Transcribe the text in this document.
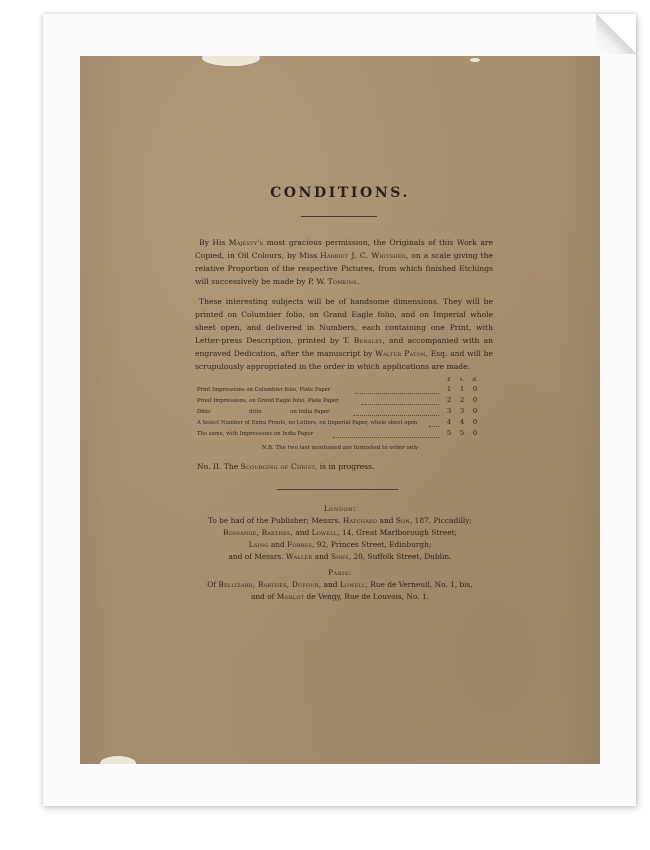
CONDITIONS.

By His Majesty's most gracious permission, the Originals of this Work are Copied, in Oil Colours, by Miss Harriet J. C. Whitshed, on a scale giving the relative Proportion of the respective Pictures, from which finished Etchings will successively be made by P. W. Tomkins.

These interesting subjects will be of handsome dimensions. They will be printed on Columbier folio, on Grand Eagle folio, and on Imperial whole sheet open, and delivered in Numbers, each containing one Print, with Letter-press Description, printed by T. Bensley, and accompanied with an engraved Dedication, after the manuscript by Walter Paton, Esq. and will be scrupulously appropriated in the order in which applications are made.

£	s.	d.
Print Impressions on Columbier folio, Plate Paper	1	1	0
Proof Impressions, on Grand Eagle folio, Plate Paper	2	2	0
Ditto                       ditto                 on India Paper	3	3	0
A Select Number of Extra Proofs, no Letters, on Imperial Paper, whole sheet open	4	4	0
The same, with Impressions on India Paper	5	5	0
N.B. The two last mentioned are furnished to order only
No. II. The Scourging of Christ, is in progress.

London:

To be had of the Publisher; Messrs. Hatchard and Son, 187, Piccadilly;

Bossange, Barthes, and Lowell, 14, Great Marlborough Street;

Laing and Forbes, 92, Princes Street, Edinburgh;

and of Messrs. Waller and Sons, 20, Suffolk Street, Dublin.

Paris:

Of Bellizard, Barthes, Dufour, and Lowell, Rue de Verneuil, No. 1, bis,

and of Morlot de Vengy, Rue de Louvois, No. 1.
